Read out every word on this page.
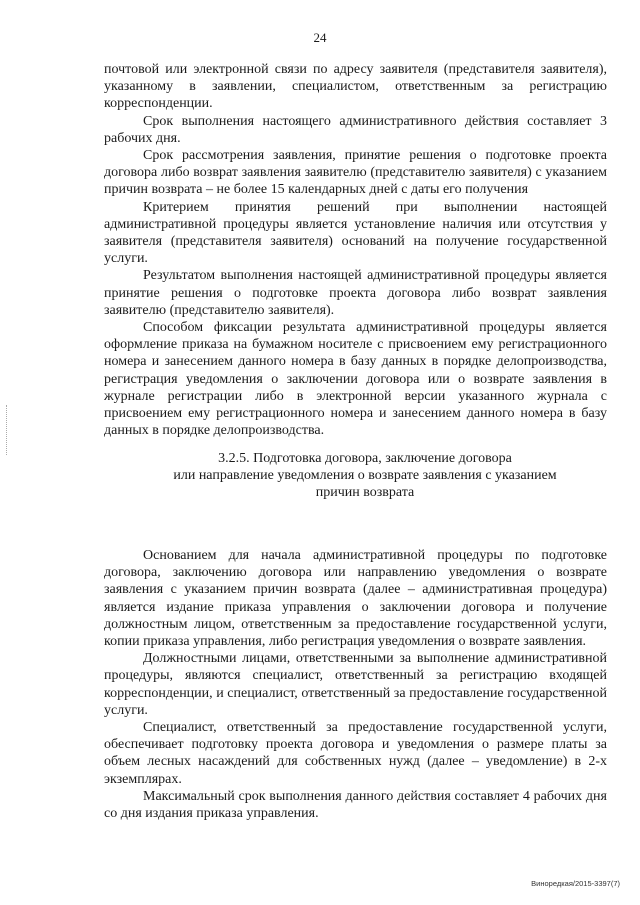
24

почтовой или электронной связи по адресу заявителя (представителя заявителя), указанному в заявлении, специалистом, ответственным за регистрацию корреспонденции.

Срок выполнения настоящего административного действия составляет 3 рабочих дня.

Срок рассмотрения заявления, принятие решения о подготовке проекта договора либо возврат заявления заявителю (представителю заявителя) с указанием причин возврата – не более 15 календарных дней с даты его получения

Критерием принятия решений при выполнении настоящей административной процедуры является установление наличия или отсутствия у заявителя (представителя заявителя) оснований на получение государственной услуги.

Результатом выполнения настоящей административной процедуры является принятие решения о подготовке проекта договора либо возврат заявления заявителю (представителю заявителя).

Способом фиксации результата административной процедуры является оформление приказа на бумажном носителе с присвоением ему регистрационного номера и занесением данного номера в базу данных в порядке делопроизводства, регистрация уведомления о заключении договора или о возврате заявления в журнале регистрации либо в электронной версии указанного журнала с присвоением ему регистрационного номера и занесением данного номера в базу данных в порядке делопроизводства.

3.2.5. Подготовка договора, заключение договора
или направление уведомления о возврате заявления с указанием
причин возврата

Основанием для начала административной процедуры по подготовке договора, заключению договора или направлению уведомления о возврате заявления с указанием причин возврата (далее – административная процедура) является издание приказа управления о заключении договора и получение должностным лицом, ответственным за предоставление государственной услуги, копии приказа управления, либо регистрация уведомления о возврате заявления.

Должностными лицами, ответственными за выполнение административной процедуры, являются специалист, ответственный за регистрацию входящей корреспонденции, и специалист, ответственный за предоставление государственной услуги.

Специалист, ответственный за предоставление государственной услуги, обеспечивает подготовку проекта договора и уведомления о размере платы за объем лесных насаждений для собственных нужд (далее – уведомление) в 2-х экземплярах.

Максимальный срок выполнения данного действия составляет 4 рабочих дня со дня издания приказа управления.

Виноредкая/2015-3397(7)
